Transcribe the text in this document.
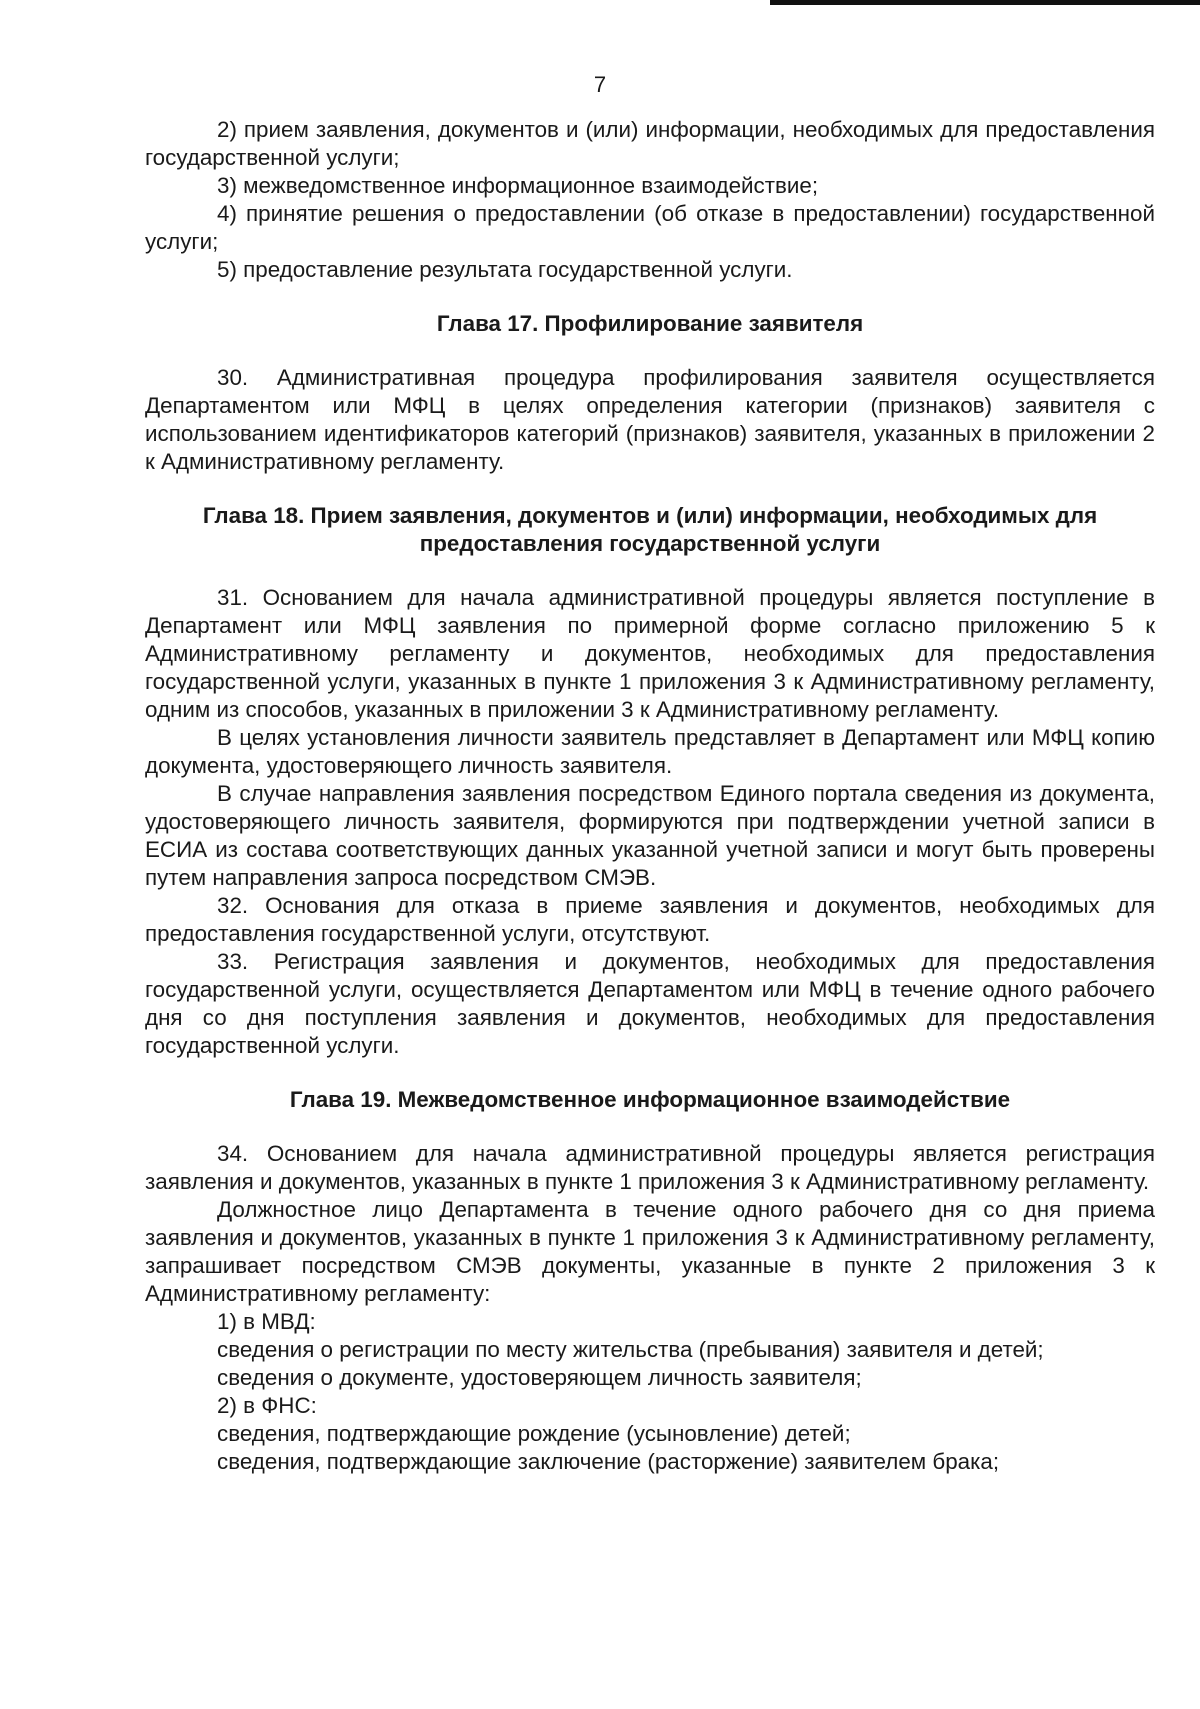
7

2) прием заявления, документов и (или) информации, необходимых для предоставления государственной услуги;

3) межведомственное информационное взаимодействие;

4) принятие решения о предоставлении (об отказе в предоставлении) государственной услуги;

5) предоставление результата государственной услуги.

Глава 17. Профилирование заявителя

30. Административная процедура профилирования заявителя осуществляется Департаментом или МФЦ в целях определения категории (признаков) заявителя с использованием идентификаторов категорий (признаков) заявителя, указанных в приложении 2 к Административному регламенту.

Глава 18. Прием заявления, документов и (или) информации, необходимых для предоставления государственной услуги

31. Основанием для начала административной процедуры является поступление в Департамент или МФЦ заявления по примерной форме согласно приложению 5 к Административному регламенту и документов, необходимых для предоставления государственной услуги, указанных в пункте 1 приложения 3 к Административному регламенту, одним из способов, указанных в приложении 3 к Административному регламенту.

В целях установления личности заявитель представляет в Департамент или МФЦ копию документа, удостоверяющего личность заявителя.

В случае направления заявления посредством Единого портала сведения из документа, удостоверяющего личность заявителя, формируются при подтверждении учетной записи в ЕСИА из состава соответствующих данных указанной учетной записи и могут быть проверены путем направления запроса посредством СМЭВ.

32. Основания для отказа в приеме заявления и документов, необходимых для предоставления государственной услуги, отсутствуют.

33. Регистрация заявления и документов, необходимых для предоставления государственной услуги, осуществляется Департаментом или МФЦ в течение одного рабочего дня со дня поступления заявления и документов, необходимых для предоставления государственной услуги.

Глава 19. Межведомственное информационное взаимодействие

34. Основанием для начала административной процедуры является регистрация заявления и документов, указанных в пункте 1 приложения 3 к Административному регламенту.

Должностное лицо Департамента в течение одного рабочего дня со дня приема заявления и документов, указанных в пункте 1 приложения 3 к Административному регламенту, запрашивает посредством СМЭВ документы, указанные в пункте 2 приложения 3 к Административному регламенту:

1) в МВД:

сведения о регистрации по месту жительства (пребывания) заявителя и детей;

сведения о документе, удостоверяющем личность заявителя;

2) в ФНС:

сведения, подтверждающие рождение (усыновление) детей;

сведения, подтверждающие заключение (расторжение) заявителем брака;
